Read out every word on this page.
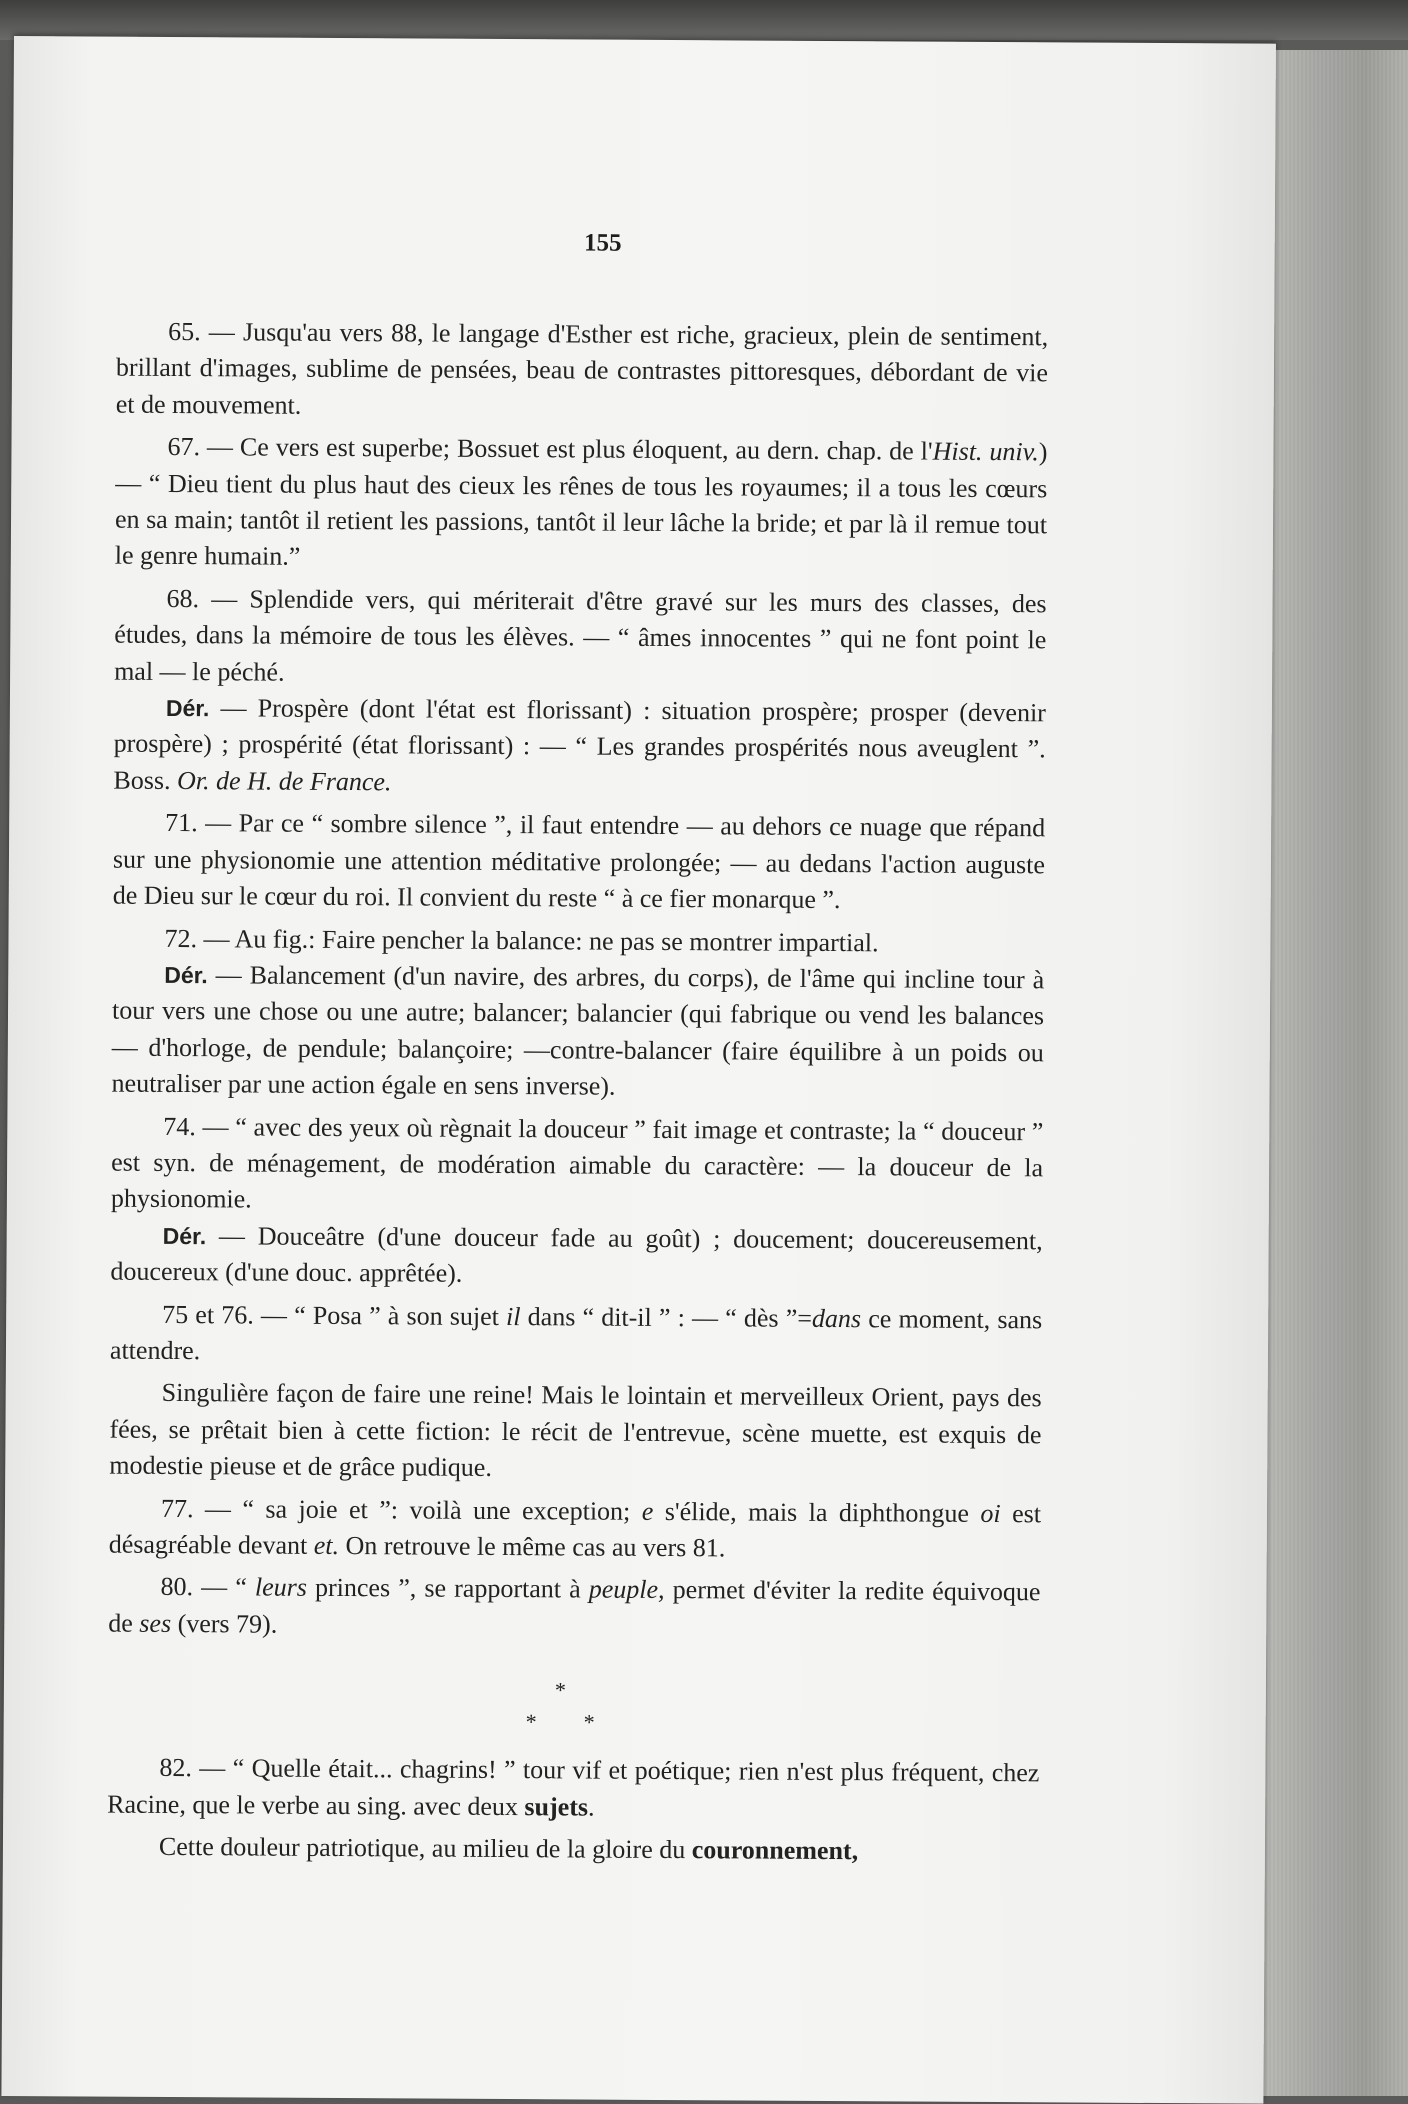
155

65. — Jusqu'au vers 88, le langage d'Esther est riche, gracieux, plein de sentiment, brillant d'images, sublime de pensées, beau de contrastes pittoresques, débordant de vie et de mouvement.

67. — Ce vers est superbe; Bossuet est plus éloquent, au dern. chap. de l'Hist. univ.) — “ Dieu tient du plus haut des cieux les rênes de tous les royaumes; il a tous les cœurs en sa main; tantôt il retient les passions, tantôt il leur lâche la bride; et par là il remue tout le genre humain.”

68. — Splendide vers, qui mériterait d'être gravé sur les murs des classes, des études, dans la mémoire de tous les élèves. — “ âmes innocentes ” qui ne font point le mal — le péché.

Dér. — Prospère (dont l'état est florissant) : situation prospère; prosper (devenir prospère) ; prospérité (état florissant) : — “ Les grandes prospérités nous aveuglent ”. Boss. Or. de H. de France.

71. — Par ce “ sombre silence ”, il faut entendre — au dehors ce nuage que répand sur une physionomie une attention méditative prolongée; — au dedans l'action auguste de Dieu sur le cœur du roi. Il convient du reste “ à ce fier monarque ”.

72. — Au fig.: Faire pencher la balance: ne pas se montrer impartial.

Dér. — Balancement (d'un navire, des arbres, du corps), de l'âme qui incline tour à tour vers une chose ou une autre; balancer; balancier (qui fabrique ou vend les balances — d'horloge, de pendule; balançoire; —contre-balancer (faire équilibre à un poids ou neutraliser par une action égale en sens inverse).

74. — “ avec des yeux où règnait la douceur ” fait image et contraste; la “ douceur ” est syn. de ménagement, de modération aimable du caractère: — la douceur de la physionomie.

Dér. — Douceâtre (d'une douceur fade au goût) ; doucement; doucereusement, doucereux (d'une douc. apprêtée).

75 et 76. — “ Posa ” à son sujet il dans “ dit-il ” : — “ dès ”=dans ce moment, sans attendre.

Singulière façon de faire une reine! Mais le lointain et merveilleux Orient, pays des fées, se prêtait bien à cette fiction: le récit de l'entrevue, scène muette, est exquis de modestie pieuse et de grâce pudique.

77. — “ sa joie et ”: voilà une exception; e s'élide, mais la diphthongue oi est désagréable devant et. On retrouve le même cas au vers 81.

80. — “ leurs princes ”, se rapportant à peuple, permet d'éviter la redite équivoque de ses (vers 79).

*
* *

82. — “ Quelle était... chagrins! ” tour vif et poétique; rien n'est plus fréquent, chez Racine, que le verbe au sing. avec deux sujets.

Cette douleur patriotique, au milieu de la gloire du couronnement,
